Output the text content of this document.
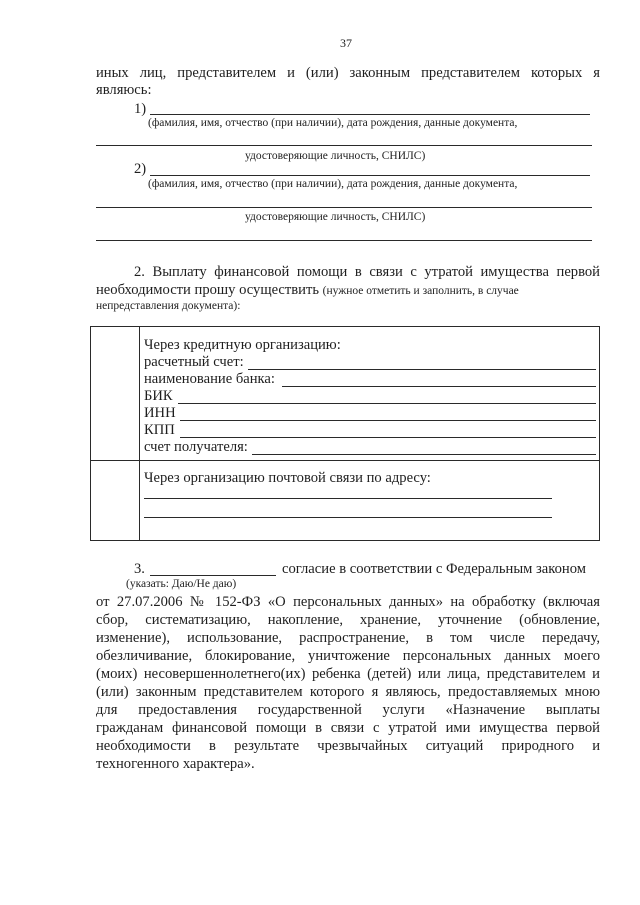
37
иных лиц, представителем и (или) законным представителем которых я
являюсь:
1)
(фамилия, имя, отчество (при наличии), дата рождения, данные документа,
удостоверяющие личность, СНИЛС)
2)
(фамилия, имя, отчество (при наличии), дата рождения, данные документа,
удостоверяющие личность, СНИЛС)
2. Выплату финансовой помощи в связи с утратой имущества первой
необходимости прошу осуществить (нужное отметить и заполнить, в случае
непредставления документа):
Через кредитную организацию:
расчетный счет:
наименование банка:
БИК
ИНН
КПП
счет получателя:
Через организацию почтовой связи по адресу:
3.	согласие в соответствии с Федеральным законом
(указать: Даю/Не даю)
от 27.07.2006 № 152-ФЗ «О персональных данных» на обработку (включая
сбор, систематизацию, накопление, хранение, уточнение (обновление,
изменение), использование, распространение, в том числе передачу,
обезличивание, блокирование, уничтожение персональных данных моего
(моих) несовершеннолетнего(их) ребенка (детей) или лица, представителем и
(или) законным представителем которого я являюсь, предоставляемых мною
для предоставления государственной услуги «Назначение выплаты
гражданам финансовой помощи в связи с утратой ими имущества первой
необходимости в результате чрезвычайных ситуаций природного и
техногенного характера».
